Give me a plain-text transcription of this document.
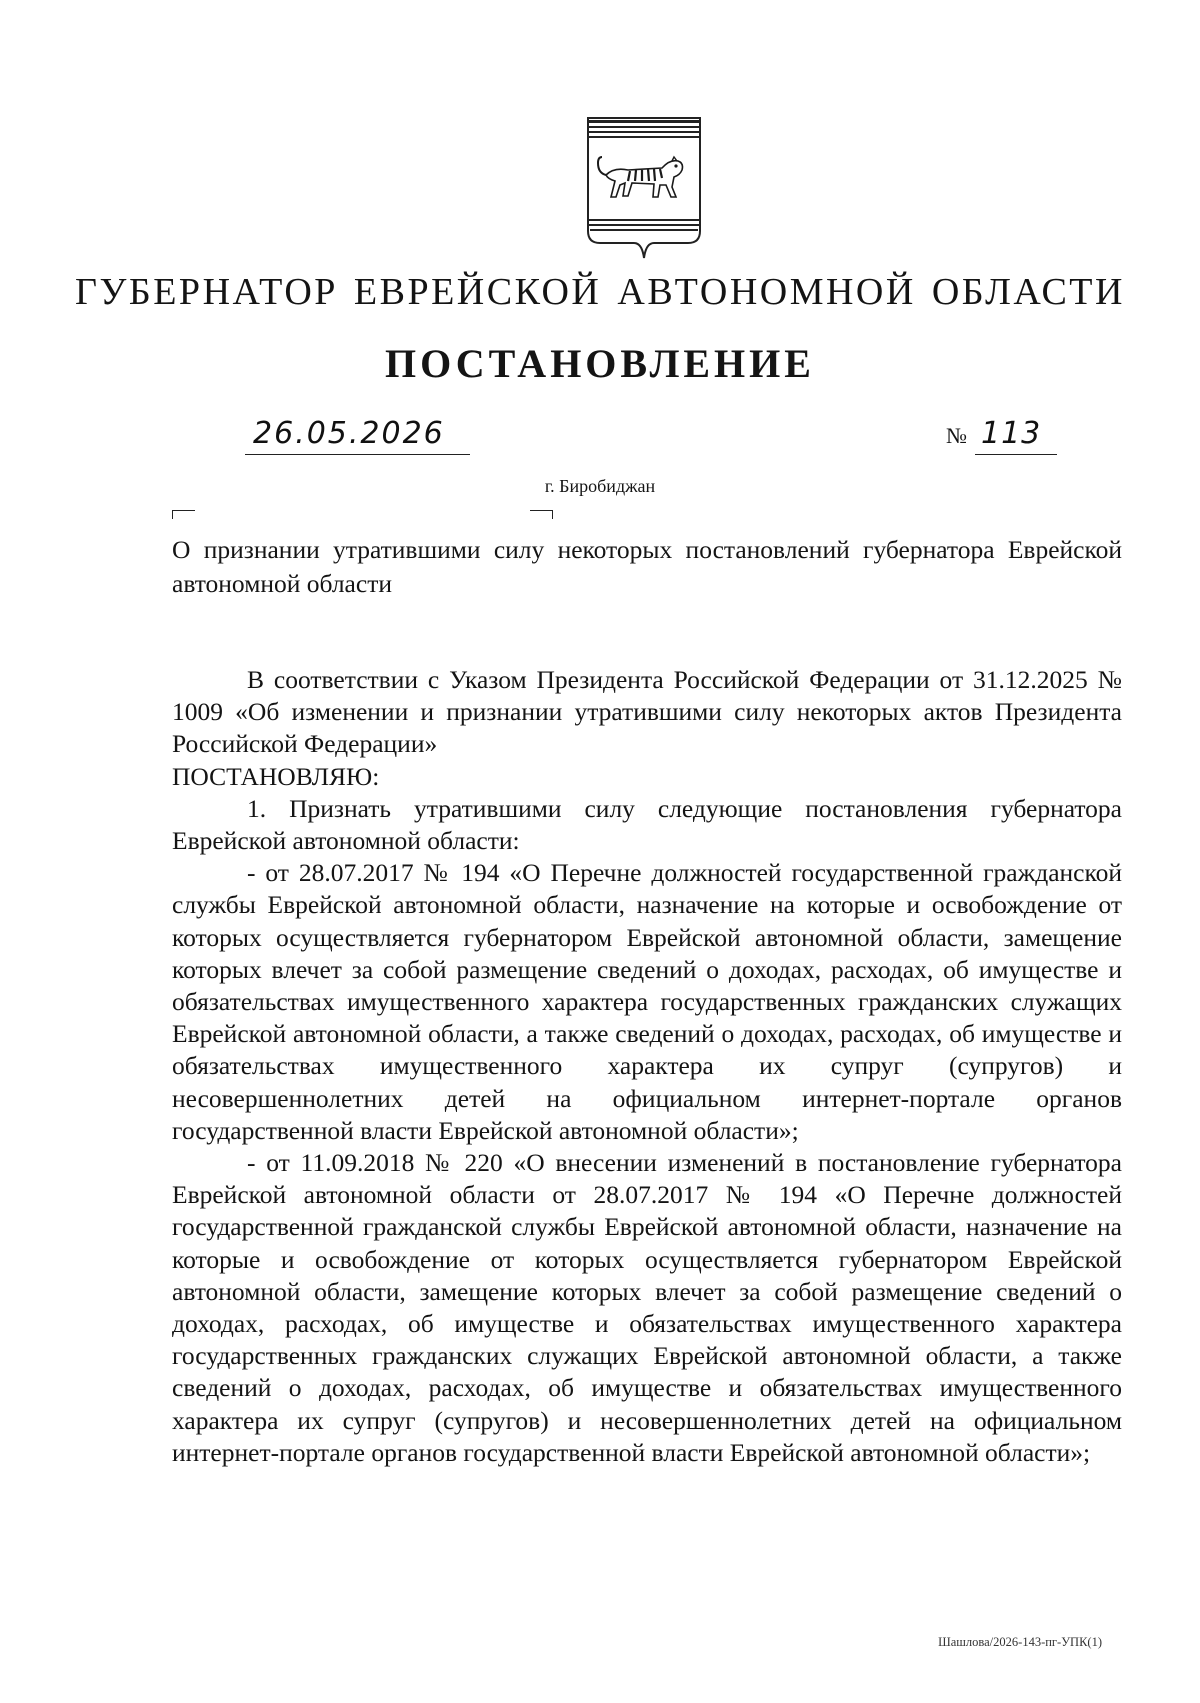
ГУБЕРНАТОР ЕВРЕЙСКОЙ АВТОНОМНОЙ ОБЛАСТИ
ПОСТАНОВЛЕНИЕ
26.05.2026	№ 113
г. Биробиджан
О признании утратившими силу некоторых постановлений губернатора Еврейской автономной области

В соответствии с Указом Президента Российской Федерации от 31.12.2025 № 1009 «Об изменении и признании утратившими силу некоторых актов Президента Российской Федерации»

ПОСТАНОВЛЯЮ:

1. Признать утратившими силу следующие постановления губернатора Еврейской автономной области:

- от 28.07.2017 № 194 «О Перечне должностей государственной гражданской службы Еврейской автономной области, назначение на которые и освобождение от которых осуществляется губернатором Еврейской автономной области, замещение которых влечет за собой размещение сведений о доходах, расходах, об имуществе и обязательствах имущественного характера государственных гражданских служащих Еврейской автономной области, а также сведений о доходах, расходах, об имуществе и обязательствах имущественного характера их супруг (супругов) и несовершеннолетних детей на официальном интернет-портале органов государственной власти Еврейской автономной области»;

- от 11.09.2018 № 220 «О внесении изменений в постановление губернатора Еврейской автономной области от 28.07.2017 № 194 «О Перечне должностей государственной гражданской службы Еврейской автономной области, назначение на которые и освобождение от которых осуществляется губернатором Еврейской автономной области, замещение которых влечет за собой размещение сведений о доходах, расходах, об имуществе и обязательствах имущественного характера государственных гражданских служащих Еврейской автономной области, а также сведений о доходах, расходах, об имуществе и обязательствах имущественного характера их супруг (супругов) и несовершеннолетних детей на официальном интернет-портале органов государственной власти Еврейской автономной области»;

Шашлова/2026-143-пг-УПК(1)
